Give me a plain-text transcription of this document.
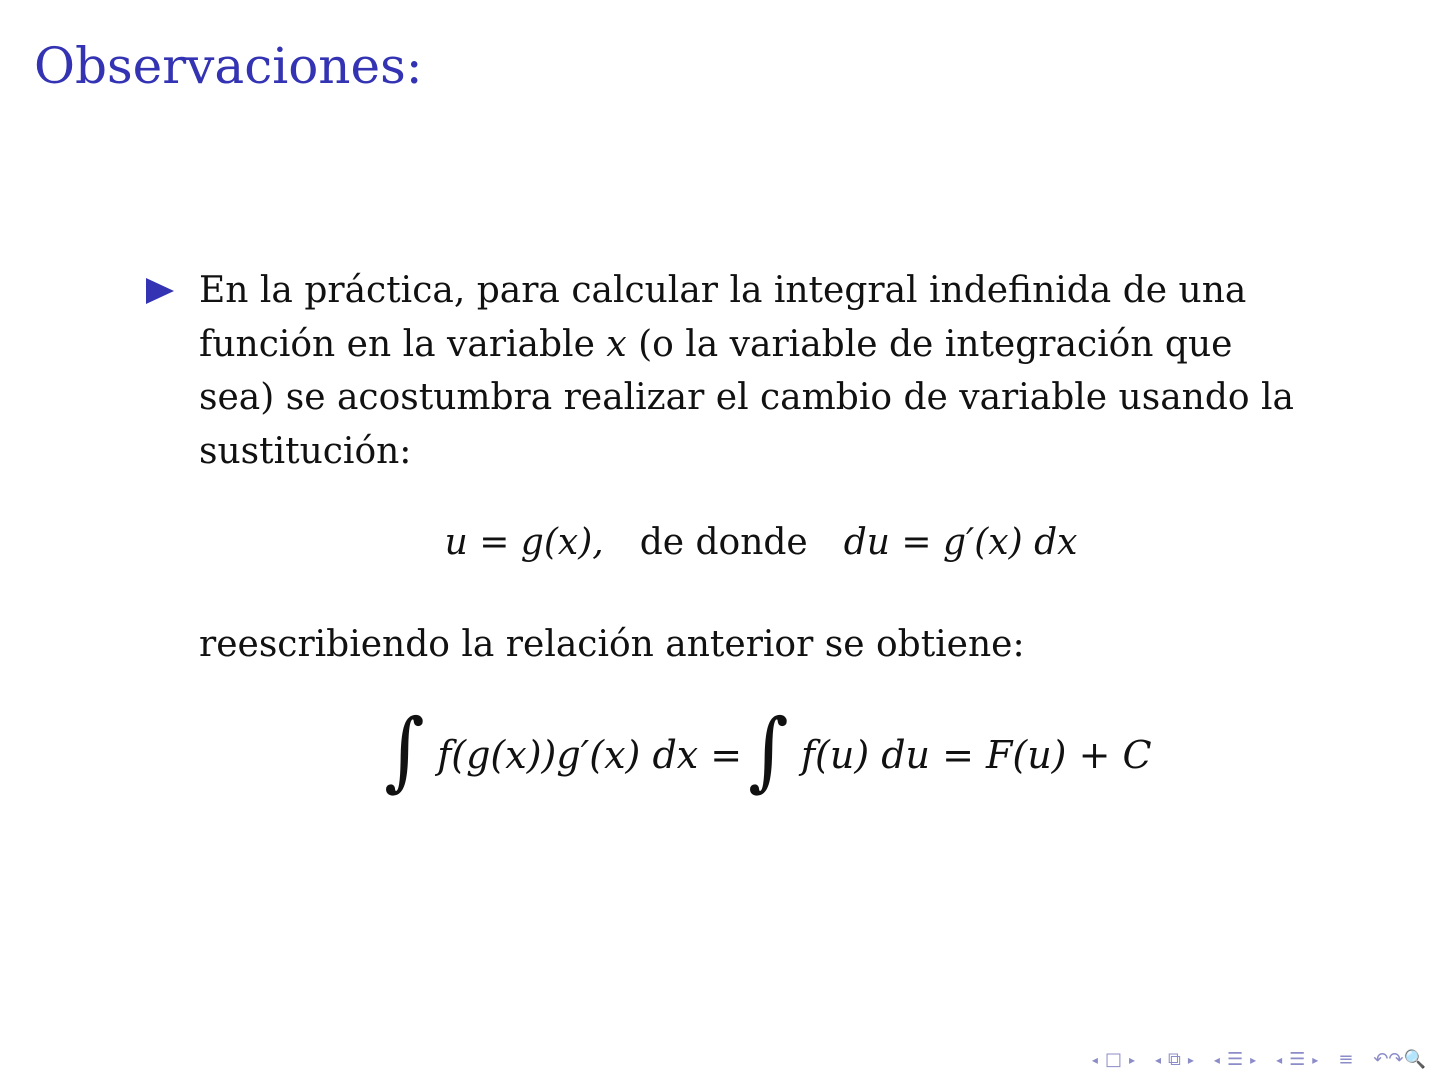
Observaciones:
En la práctica, para calcular la integral indefinida de una
función en la variable x (o la variable de integración que
sea) se acostumbra realizar el cambio de variable usando la
sustitución:
u = g(x), de donde du = g′(x) dx
reescribiendo la relación anterior se obtiene:
∫ f(g(x))g′(x) dx = ∫ f(u) du = F(u) + C
◂ □ ▸ ◂ ⧉ ▸ ◂ ☰ ▸ ◂ ☰ ▸ ≡ ↶↷🔍
